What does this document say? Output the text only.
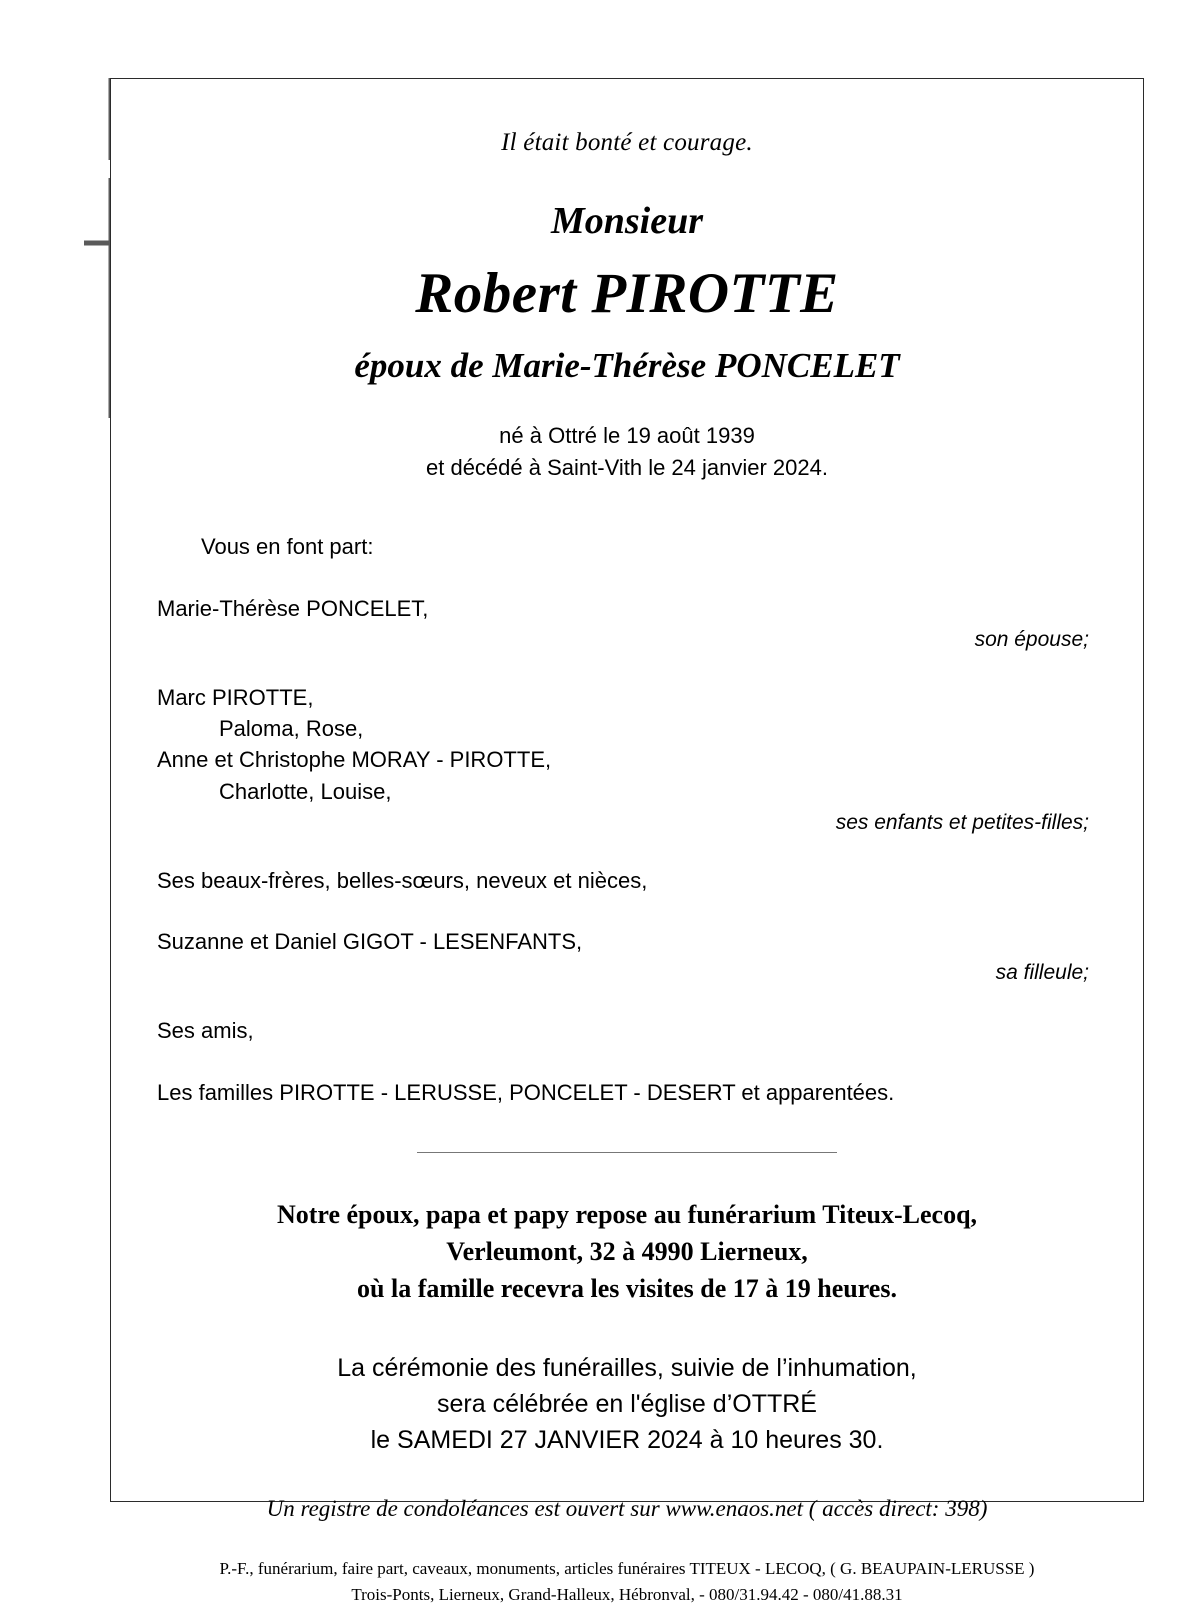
Il était bonté et courage.
Monsieur
Robert PIROTTE
époux de Marie-Thérèse PONCELET
né à Ottré le 19 août 1939
et décédé à Saint-Vith le 24 janvier 2024.
Vous en font part:
Marie-Thérèse PONCELET,
son épouse;
Marc PIROTTE,
Paloma, Rose,
Anne et Christophe MORAY - PIROTTE,
Charlotte, Louise,
ses enfants et petites-filles;
Ses beaux-frères, belles-sœurs, neveux et nièces,
Suzanne et Daniel GIGOT - LESENFANTS,
sa filleule;
Ses amis,
Les familles PIROTTE - LERUSSE, PONCELET - DESERT et apparentées.
Notre époux, papa et papy repose au funérarium Titeux-Lecoq,
Verleumont, 32 à 4990 Lierneux,
où la famille recevra les visites de 17 à 19 heures.
La cérémonie des funérailles, suivie de l’inhumation,
sera célébrée en l'église d’OTTRÉ
le SAMEDI 27 JANVIER 2024 à 10 heures 30.
Un registre de condoléances est ouvert sur www.enaos.net ( accès direct: 398)
P.-F., funérarium, faire part, caveaux, monuments, articles funéraires TITEUX - LECOQ, ( G. BEAUPAIN-LERUSSE )
Trois-Ponts, Lierneux, Grand-Halleux, Hébronval, - 080/31.94.42 - 080/41.88.31
